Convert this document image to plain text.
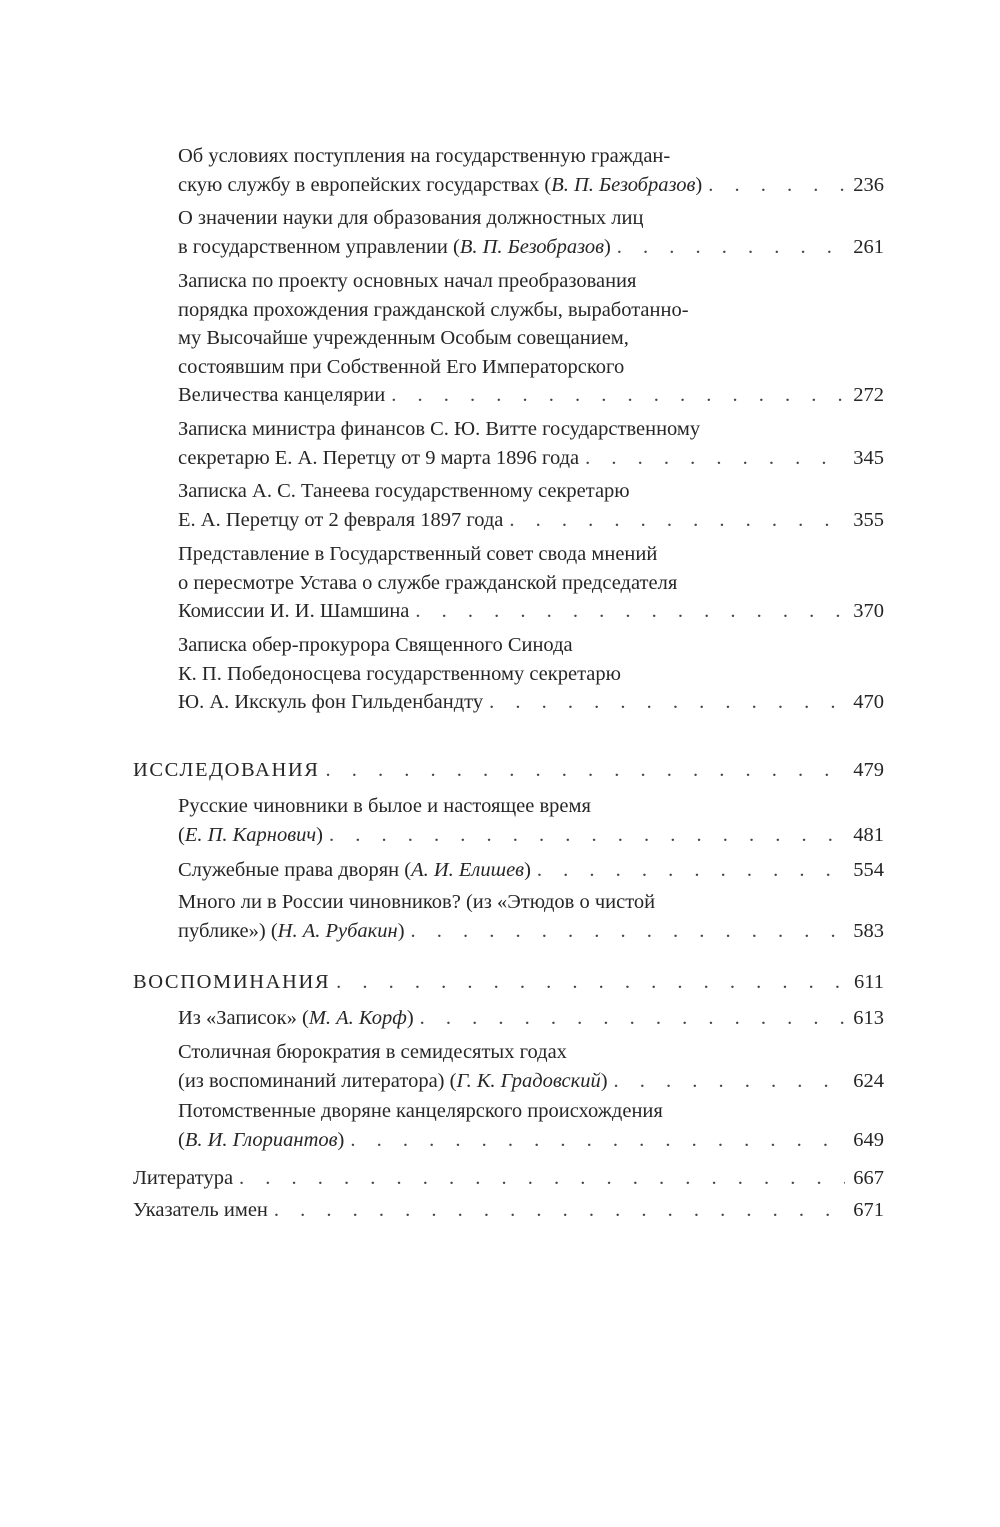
Об условиях поступления на государственную граждан-
скую службу в европейских государствах ( В. П. Безобразов ) . . .	236
О значении науки для образования должностных лиц
в государственном управлении ( В. П. Безобразов ) . . .	261
Записка по проекту основных начал преобразования
порядка прохождения гражданской службы, выработанно-
му Высочайше учрежденным Особым совещанием,
состоявшим при Собственной Его Императорского
Величества канцелярии . . .	272
Записка министра финансов С. Ю. Витте государственному
секретарю Е. А. Перетцу от 9 марта 1896 года . . .	345
Записка А. С. Танеева государственному секретарю
Е. А. Перетцу от 2 февраля 1897 года . . .	355
Представление в Государственный совет свода мнений
о пересмотре Устава о службе гражданской председателя
Комиссии И. И. Шамшина . . .	370
Записка обер-прокурора Священного Синода
К. П. Победоносцева государственному секретарю
Ю. А. Икскуль фон Гильденбандту . . .	470
ИССЛЕДОВАНИЯ . . .	479
Русские чиновники в былое и настоящее время
( Е. П. Карнович ) . . .	481
Служебные права дворян ( А. И. Елишев ) . . .	554
Много ли в России чиновников? (из «Этюдов о чистой
публике») ( Н. А. Рубакин ) . . .	583
ВОСПОМИНАНИЯ . . .	611
Из «Записок» ( М. А. Корф ) . . .	613
Столичная бюрократия в семидесятых годах
(из воспоминаний литератора) ( Г. К. Градовский ) . . .	624
Потомственные дворяне канцелярского происхождения
( В. И. Глориантов ) . . .	649
Литература . . .	667
Указатель имен . . .	671
